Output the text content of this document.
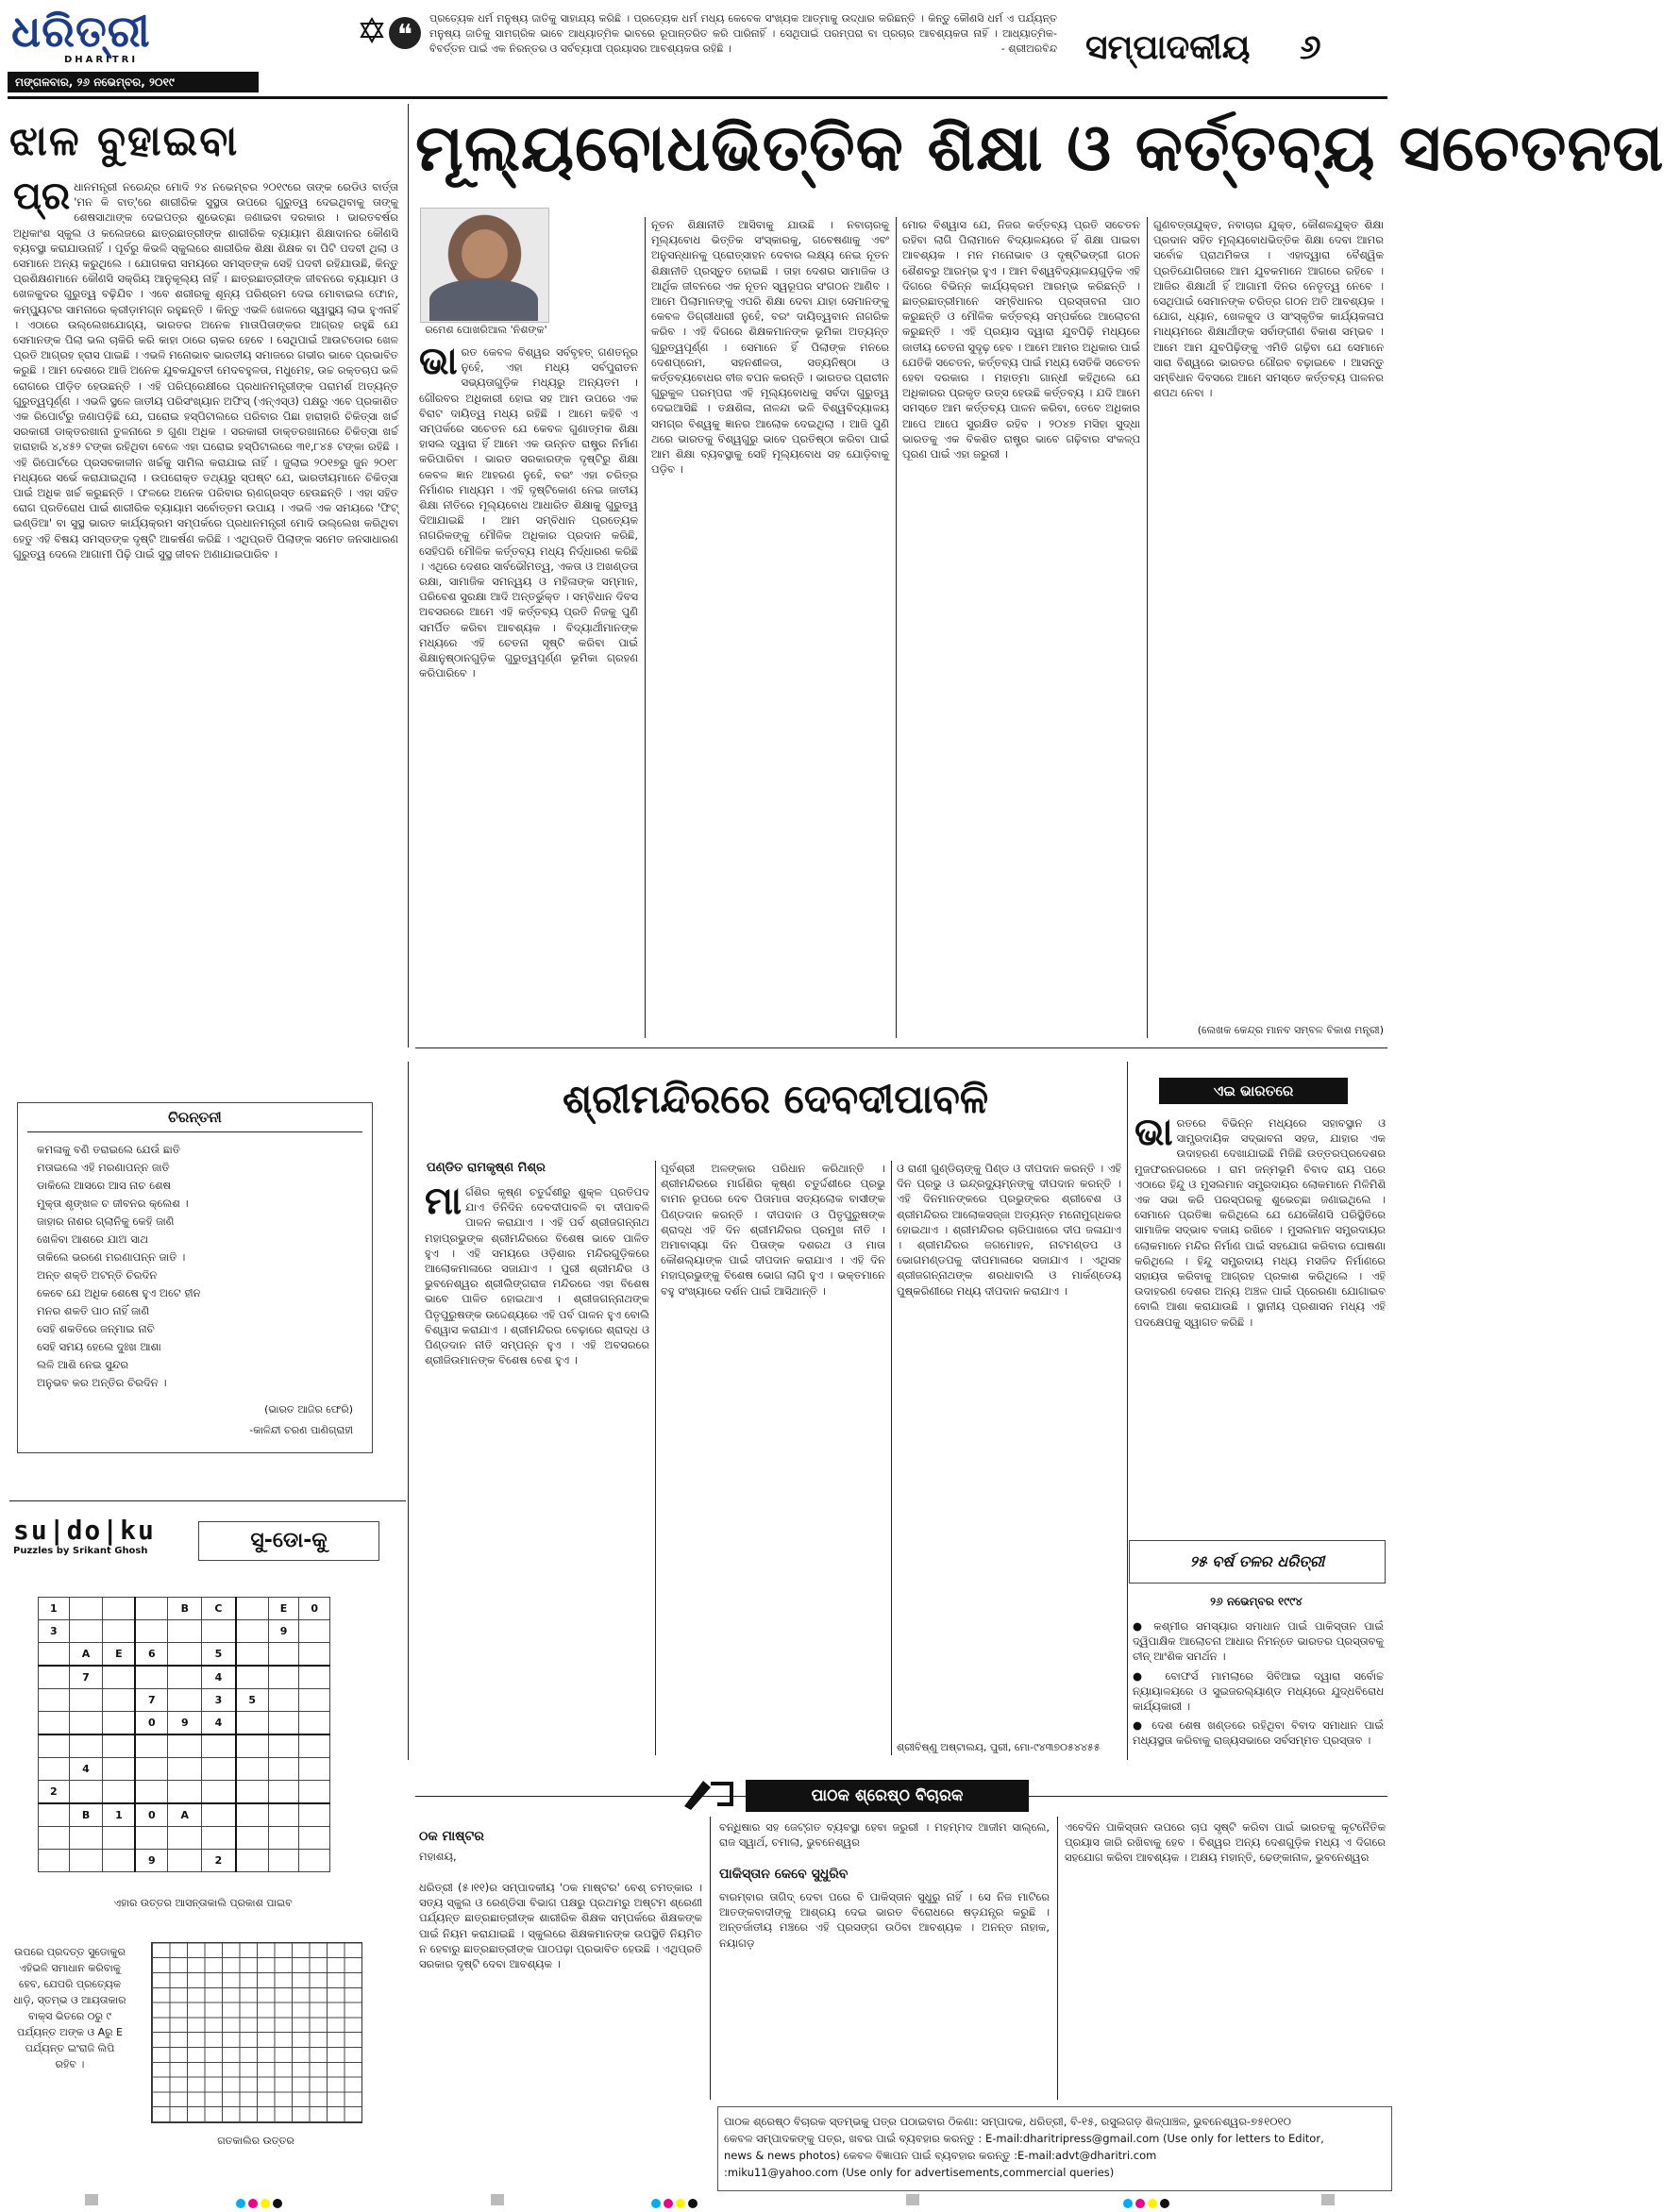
ଧରିତ୍ରୀ
DHARITRI
ମଙ୍ଗଳବାର, ୨୬ ନଭେମ୍ବର, ୨୦୧୯
❝
ପ୍ରତ୍ୟେକ ଧର୍ମ ମନୁଷ୍ୟ ଜାତିକୁ ସାହାଯ୍ୟ କରିଛି । ପ୍ରତ୍ୟେକ ଧର୍ମ ମଧ୍ୟ କେବେକ ସଂଖ୍ୟକ ଆତ୍ମାକୁ ଉଦ୍ଧାର କରିଛନ୍ତି । କିନ୍ତୁ କୌଣସି ଧର୍ମ ଏ ପର୍ଯ୍ୟନ୍ତ ମନୁଷ୍ୟ ଜାତିକୁ ସାମଗ୍ରିକ ଭାବେ ଆଧ୍ୟାତ୍ମିକ ଭାବରେ ରୂପାନ୍ତରିତ କରି ପାରିନାହିଁ । ସେଥିପାଇଁ ପରମ୍ପରା ବା ପ୍ରଚାର ଆବଶ୍ୟକତା ନାହିଁ । ଆଧ୍ୟାତ୍ମିକ-ବିବର୍ତ୍ତନ ପାଇଁ ଏକ ନିରନ୍ତର ଓ ସର୍ବବ୍ୟାପୀ ପ୍ରୟାସର ଆବଶ୍ୟକତା ରହିଛି ।	- ଶ୍ରୀଅରବିନ୍ଦ ସମ୍ପାଦକୀୟ ୬
ଝାଳ ବୁହାଇବା
ପ୍ର ଧାନମନ୍ତ୍ରୀ ନରେନ୍ଦ୍ର ମୋଦି ୨୪ ନଭେମ୍ବର ୨୦୧୯ରେ ତାଙ୍କ ରେଡିଓ ବାର୍ତ୍ତା 'ମନ କି ବାତ୍'ରେ ଶାରୀରିକ ସୁସ୍ଥତା ଉପରେ ଗୁରୁତ୍ୱ ଦେଇଥିବାକୁ ତାଙ୍କୁ ଶେଷସାଥାଙ୍କ ଦେଇପତ୍ର ଶୁଭେଚ୍ଛା ଜଣାଇବା ଦରକାର । ଭାରତବର୍ଷର ଅଧିକାଂଶ ସ୍କୁଲ ଓ କଲେଜରେ ଛାତ୍ରଛାତ୍ରୀଙ୍କ ଶାରୀରିକ ବ୍ୟାୟାମ ଶିକ୍ଷାଦାନର କୌଣସି ବ୍ୟବସ୍ଥା କରାଯାଉନାହିଁ । ପୂର୍ବରୁ କିଭଳି ସ୍କୁଲରେ ଶାରୀରିକ ଶିକ୍ଷା ଶିକ୍ଷକ ବା ପିଟି ପଦବୀ ଥିଲା ଓ ସେମାନେ ଅନ୍ୟ କରୁଥିଲେ । ଯୋଗକରା ସମୟରେ ସମସ୍ତଙ୍କ ସେହି ପଦବୀ ରହିଯାଉଛି, କିନ୍ତୁ ପ୍ରଶିକ୍ଷଣମାନେ କୌଣସି ସକ୍ରିୟ ଆନୁକୂଲ୍ୟ ନାହିଁ । ଛାତ୍ରଛାତ୍ରୀଙ୍କ ଜୀବନରେ ବ୍ୟାୟାମ ଓ ଖେଳକୁଦର ଗୁରୁତ୍ୱ ବଢ଼ିଯିବ । ଏବେ ଶରୀରକୁ ଶୂନ୍ୟ ପରିଶ୍ରମ ଦେଇ ମୋବାଇଲ ଫୋନ, କମ୍ପ୍ୟୁଟର ସାମନାରେ କ୍ରୀଡ଼ାମଗ୍ନ ରହୁଛନ୍ତି । କିନ୍ତୁ ଏଭଳି ଖେଳରେ ସ୍ୱାସ୍ଥ୍ୟ ଲାଭ ହୁଏନାହିଁ । ଏଠାରେ ଉଲ୍ଲେଖଯୋଗ୍ୟ, ଭାରତର ଅନେକ ମାତାପିତାଙ୍କର ଆଗ୍ରହ ରହୁଛି ଯେ ସେମାନଙ୍କ ପିଲା ଭଲ ଚାକିରି କରି କାହା ଠାରେ ଚାକର ହେବେ । ସେଥିପାଇଁ ଆଉଟଡୋର ଖେଳ ପ୍ରତି ଆଗ୍ରହ ହ୍ରାସ ପାଇଛି । ଏଭଳି ମନୋଭାବ ଭାରତୀୟ ସମାଜରେ ଗଭୀର ଭାବେ ପ୍ରଭାବିତ କରୁଛି । ଆମ ଦେଶରେ ଆଜି ଅନେକ ଯୁବକଯୁବତୀ ମେଦବହୁଳତା, ମଧୁମେହ, ଉଚ୍ଚ ରକ୍ତଚାପ ଭଳି ରୋଗରେ ପୀଡ଼ିତ ହେଉଛନ୍ତି । ଏହି ପରିପ୍ରେକ୍ଷୀରେ ପ୍ରଧାନମନ୍ତ୍ରୀଙ୍କ ପରାମର୍ଶ ଅତ୍ୟନ୍ତ ଗୁରୁତ୍ୱପୂର୍ଣ୍ଣ । ଏଭଳି ସ୍ଥଳେ ଜାତୀୟ ପରିସଂଖ୍ୟାନ ଅଫିସ୍ (ଏନ୍‌ଏସ୍‌ଓ) ପକ୍ଷରୁ ଏବେ ପ୍ରକାଶିତ ଏକ ରିପୋର୍ଟରୁ ଜଣାପଡ଼ିଛି ଯେ, ଘରୋଇ ହସ୍ପିଟାଲରେ ପରିବାର ପିଛା ହାରାହାରି ଚିକିତ୍ସା ଖର୍ଚ୍ଚ ସରକାରୀ ଡାକ୍ତରଖାନା ତୁଳନାରେ ୭ ଗୁଣା ଅଧିକ । ସରକାରୀ ଡାକ୍ତରଖାନାରେ ଚିକିତ୍ସା ଖର୍ଚ୍ଚ ହାରାହାରି ୪,୪୫୨ ଟଙ୍କା ରହିଥିବା ବେଳେ ଏହା ଘରୋଇ ହସ୍ପିଟାଲରେ ୩୧,୮୪୫ ଟଙ୍କା ରହିଛି । ଏହି ରିପୋର୍ଟରେ ପ୍ରସବକାଳୀନ ଖର୍ଚ୍ଚକୁ ସାମିଲ କରାଯାଇ ନାହିଁ । ଜୁଲାଇ ୨୦୧୭ରୁ ଜୁନ ୨୦୧୮ ମଧ୍ୟରେ ସର୍ଭେ କରାଯାଇଥିଲା । ଉପରୋକ୍ତ ତଥ୍ୟରୁ ସ୍ପଷ୍ଟ ଯେ, ଭାରତୀୟମାନେ ଚିକିତ୍ସା ପାଇଁ ଅଧିକ ଖର୍ଚ୍ଚ କରୁଛନ୍ତି । ଫଳରେ ଅନେକ ପରିବାର ଋଣଗ୍ରସ୍ତ ହେଉଛନ୍ତି । ଏହା ସହିତ ରୋଗ ପ୍ରତିରୋଧ ପାଇଁ ଶାରୀରିକ ବ୍ୟାୟାମ ସର୍ବୋତ୍ତମ ଉପାୟ । ଏଭଳି ଏକ ସମୟରେ 'ଫିଟ୍ ଇଣ୍ଡିଆ' ବା ସୁସ୍ଥ ଭାରତ କାର୍ଯ୍ୟକ୍ରମ ସମ୍ପର୍କରେ ପ୍ରଧାନମନ୍ତ୍ରୀ ମୋଦି ଉଲ୍ଲେଖ କରିଥିବା ହେତୁ ଏହି ବିଷୟ ସମସ୍ତଙ୍କ ଦୃଷ୍ଟି ଆକର୍ଷଣ କରିଛି । ଏଥିପ୍ରତି ପିଲାଙ୍କ ସମେତ ଜନସାଧାରଣ ଗୁରୁତ୍ୱ ଦେଲେ ଆଗାମୀ ପିଢ଼ି ପାଇଁ ସୁସ୍ଥ ଜୀବନ ଅଣାଯାଇପାରିବ ।
ମୂଲ୍ୟବୋଧଭିତ୍ତିକ ଶିକ୍ଷା ଓ କର୍ତ୍ତବ୍ୟ ସଚେତନତା
ରମେଶ ପୋଖରିଆଲ 'ନିଶଙ୍କ'
ଭା ରତ କେବଳ ବିଶ୍ୱର ସର୍ବବୃହତ୍ ଗଣତନ୍ତ୍ର ନୁହେଁ, ଏହା ମଧ୍ୟ ସର୍ବପୁରାତନ ସଭ୍ୟତାଗୁଡ଼ିକ ମଧ୍ୟରୁ ଅନ୍ୟତମ । ଗୌରବର ଅଧିକାରୀ ହୋଇ ସହ ଆମ ଉପରେ ଏକ ବିରାଟ ଦାୟିତ୍ୱ ମଧ୍ୟ ରହିଛି । ଆମେ କହିବି ଏ ସମ୍ପର୍କରେ ସଚେତନ ଯେ କେବଳ ଗୁଣାତ୍ମକ ଶିକ୍ଷା ହାସଲ ଦ୍ୱାରା ହିଁ ଆମେ ଏକ ଉନ୍ନତ ରାଷ୍ଟ୍ର ନିର୍ମାଣ କରିପାରିବା । ଭାରତ ସରକାରଙ୍କ ଦୃଷ୍ଟିରୁ ଶିକ୍ଷା କେବଳ ଜ୍ଞାନ ଆହରଣ ନୁହେଁ, ବରଂ ଏହା ଚରିତ୍ର ନିର୍ମାଣର ମାଧ୍ୟମ । ଏହି ଦୃଷ୍ଟିକୋଣ ନେଇ ଜାତୀୟ ଶିକ୍ଷା ନୀତିରେ ମୂଲ୍ୟବୋଧ ଆଧାରିତ ଶିକ୍ଷାକୁ ଗୁରୁତ୍ୱ ଦିଆଯାଇଛି । ଆମ ସମ୍ବିଧାନ ପ୍ରତ୍ୟେକ ନାଗରିକଙ୍କୁ ମୌଳିକ ଅଧିକାର ପ୍ରଦାନ କରିଛି, ସେହିପରି ମୌଳିକ କର୍ତ୍ତବ୍ୟ ମଧ୍ୟ ନିର୍ଦ୍ଧାରଣ କରିଛି । ଏଥିରେ ଦେଶର ସାର୍ବଭୌମତ୍ୱ, ଏକତା ଓ ଅଖଣ୍ଡତା ରକ୍ଷା, ସାମାଜିକ ସମନ୍ୱୟ ଓ ମହିଳାଙ୍କ ସମ୍ମାନ, ପରିବେଶ ସୁରକ୍ଷା ଆଦି ଅନ୍ତର୍ଭୁକ୍ତ । ସମ୍ବିଧାନ ଦିବସ ଅବସରରେ ଆମେ ଏହି କର୍ତ୍ତବ୍ୟ ପ୍ରତି ନିଜକୁ ପୁଣି ସମର୍ପିତ କରିବା ଆବଶ୍ୟକ । ବିଦ୍ୟାର୍ଥୀମାନଙ୍କ ମଧ୍ୟରେ ଏହି ଚେତନା ସୃଷ୍ଟି କରିବା ପାଇଁ ଶିକ୍ଷାନୁଷ୍ଠାନଗୁଡ଼ିକ ଗୁରୁତ୍ୱପୂର୍ଣ୍ଣ ଭୂମିକା ଗ୍ରହଣ କରିପାରିବେ ।
ନୂତନ ଶିକ୍ଷାନୀତି ଆସିବାକୁ ଯାଉଛି । ନବାଚାରକୁ ମୂଲ୍ୟବୋଧ ଭିତ୍ତିକ ସଂସ୍କାରକୁ, ଗବେଷଣାକୁ ଏବଂ ଅନୁସନ୍ଧାନକୁ ପ୍ରୋତ୍ସାହନ ଦେବାର ଲକ୍ଷ୍ୟ ନେଇ ନୂତନ ଶିକ୍ଷାନୀତି ପ୍ରସ୍ତୁତ ହୋଇଛି । ତାହା ଦେଶର ସାମାଜିକ ଓ ଆର୍ଥିକ ଜୀବନରେ ଏକ ନୂତନ ସ୍ୱରୂପର ସଂଗଠନ ଆଣିବ । ଆମେ ପିଲାମାନଙ୍କୁ ଏପରି ଶିକ୍ଷା ଦେବା ଯାହା ସେମାନଙ୍କୁ କେବଳ ଡିଗ୍ରୀଧାରୀ ନୁହେଁ, ବରଂ ଦାୟିତ୍ୱବାନ ନାଗରିକ କରିବ । ଏହି ଦିଗରେ ଶିକ୍ଷକମାନଙ୍କ ଭୂମିକା ଅତ୍ୟନ୍ତ ଗୁରୁତ୍ୱପୂର୍ଣ୍ଣ । ସେମାନେ ହିଁ ପିଲାଙ୍କ ମନରେ ଦେଶପ୍ରେମ, ସହନଶୀଳତା, ସତ୍ୟନିଷ୍ଠା ଓ କର୍ତ୍ତବ୍ୟବୋଧର ବୀଜ ବପନ କରନ୍ତି । ଭାରତର ପ୍ରାଚୀନ ଗୁରୁକୁଳ ପରମ୍ପରା ଏହି ମୂଲ୍ୟବୋଧକୁ ସର୍ବଦା ଗୁରୁତ୍ୱ ଦେଇଆସିଛି । ତକ୍ଷଶିଳା, ନାଳନ୍ଦା ଭଳି ବିଶ୍ୱବିଦ୍ୟାଳୟ ସମଗ୍ର ବିଶ୍ୱକୁ ଜ୍ଞାନର ଆଲୋକ ଦେଇଥିଲା । ଆଜି ପୁଣି ଥରେ ଭାରତକୁ ବିଶ୍ୱଗୁରୁ ଭାବେ ପ୍ରତିଷ୍ଠା କରିବା ପାଇଁ ଆମ ଶିକ୍ଷା ବ୍ୟବସ୍ଥାକୁ ସେହି ମୂଲ୍ୟବୋଧ ସହ ଯୋଡ଼ିବାକୁ ପଡ଼ିବ ।
ମୋର ବିଶ୍ୱାସ ଯେ, ନିଜର କର୍ତ୍ତବ୍ୟ ପ୍ରତି ସଚେତନ ରହିବା ଲାଗି ପିଲାମାନେ ବିଦ୍ୟାଳୟରେ ହିଁ ଶିକ୍ଷା ପାଇବା ଆବଶ୍ୟକ । ମନ ମନୋଭାବ ଓ ଦୃଷ୍ଟିଭଙ୍ଗୀ ଗଠନ ଶୈଶବରୁ ଆରମ୍ଭ ହୁଏ । ଆମ ବିଶ୍ୱବିଦ୍ୟାଳୟଗୁଡ଼ିକ ଏହି ଦିଗରେ ବିଭିନ୍ନ କାର୍ଯ୍ୟକ୍ରମ ଆରମ୍ଭ କରିଛନ୍ତି । ଛାତ୍ରଛାତ୍ରୀମାନେ ସମ୍ବିଧାନର ପ୍ରସ୍ତାବନା ପାଠ କରୁଛନ୍ତି ଓ ମୌଳିକ କର୍ତ୍ତବ୍ୟ ସମ୍ପର୍କରେ ଆଲୋଚନା କରୁଛନ୍ତି । ଏହି ପ୍ରୟାସ ଦ୍ୱାରା ଯୁବପିଢ଼ି ମଧ୍ୟରେ ଜାତୀୟ ଚେତନା ସୁଦୃଢ଼ ହେବ । ଆମେ ଆମର ଅଧିକାର ପାଇଁ ଯେତିକି ସଚେତନ, କର୍ତ୍ତବ୍ୟ ପାଇଁ ମଧ୍ୟ ସେତିକି ସଚେତନ ହେବା ଦରକାର । ମହାତ୍ମା ଗାନ୍ଧୀ କହିଥିଲେ ଯେ ଅଧିକାରର ପ୍ରକୃତ ଉତ୍ସ ହେଉଛି କର୍ତ୍ତବ୍ୟ । ଯଦି ଆମେ ସମସ୍ତେ ଆମ କର୍ତ୍ତବ୍ୟ ପାଳନ କରିବା, ତେବେ ଅଧିକାର ଆପେ ଆପେ ସୁରକ୍ଷିତ ରହିବ । ୨୦୪୭ ମସିହା ସୁଦ୍ଧା ଭାରତକୁ ଏକ ବିକଶିତ ରାଷ୍ଟ୍ର ଭାବେ ଗଢ଼ିବାର ସଂକଳ୍ପ ପୂରଣ ପାଇଁ ଏହା ଜରୁରୀ ।
ଗୁଣବତ୍ତାଯୁକ୍ତ, ନବାଚାର ଯୁକ୍ତ, କୌଶଳଯୁକ୍ତ ଶିକ୍ଷା ପ୍ରଦାନ ସହିତ ମୂଲ୍ୟବୋଧଭିତ୍ତିକ ଶିକ୍ଷା ଦେବା ଆମର ସର୍ବୋଚ୍ଚ ପ୍ରାଥମିକତା । ଏହାଦ୍ୱାରା ବୈଶ୍ୱିକ ପ୍ରତିଯୋଗିତାରେ ଆମ ଯୁବକମାନେ ଆଗରେ ରହିବେ । ଆଜିର ଶିକ୍ଷାର୍ଥୀ ହିଁ ଆଗାମୀ ଦିନର ନେତୃତ୍ୱ ନେବେ । ସେଥିପାଇଁ ସେମାନଙ୍କ ଚରିତ୍ର ଗଠନ ଅତି ଆବଶ୍ୟକ । ଯୋଗ, ଧ୍ୟାନ, ଖେଳକୁଦ ଓ ସାଂସ୍କୃତିକ କାର୍ଯ୍ୟକଳାପ ମାଧ୍ୟମରେ ଶିକ୍ଷାର୍ଥୀଙ୍କ ସର୍ବାଙ୍ଗୀଣ ବିକାଶ ସମ୍ଭବ । ଆମେ ଆମ ଯୁବପିଢ଼ିଙ୍କୁ ଏମିତି ଗଢ଼ିବା ଯେ ସେମାନେ ସାରା ବିଶ୍ୱରେ ଭାରତର ଗୌରବ ବଢ଼ାଇବେ । ଆସନ୍ତୁ ସମ୍ବିଧାନ ଦିବସରେ ଆମେ ସମସ୍ତେ କର୍ତ୍ତବ୍ୟ ପାଳନର ଶପଥ ନେବା ।
(ଲେଖକ କେନ୍ଦ୍ର ମାନବ ସମ୍ବଳ ବିକାଶ ମନ୍ତ୍ରୀ)
ଚିରନ୍ତନୀ
କମଳାକୁ ବଣି ତରାଇଲେ ଯେଉଁ ଛାତି
ମତାଇଲେ ଏହି ମରଣାପନ୍ନ ଜାତି
ଡାକିଲେ ଆସରେ ଆସ ନାଚ ଶେଷ
ମୁକ୍ତା ଶୃଙ୍ଖଳ ଚ ଜୀବନର କ୍ଲେଶ ।
ଜାହାର ନାଶର ଗ୍ଲାନିକୁ କେହି ଜାଣି
ଖେଳିବା ଆଶରେ ଯାଅ ସାଥ
ତାକିଲେ ଭରଣେ ମରଣାପନ୍ନ ଜାତି ।
ଅନ୍ତ ଶକ୍ତି ଅଟନ୍ତି ଚିରଦିନ
କେବେ ଯେ ଅଧିକ ଶେଷେ ହୁଏ ଅଟେ ହୀନ
ମନର ଶକତି ପାଠ ନାହିଁ ଜାଣି
ସେହି ଶକତିରେ ଜନ୍ମାଇ ନାଚି
ସେହି ସମୟ ହେଲେ ଦୁଃଖ ଆଶା
ଲଳି ଆଶି ନେଇ ସୁନ୍ଦର
ଅନୁଭବ କର ଅନ୍ତିର ଚିରଦିନ ।
(ଭାରତ ଆଜିର ଫେରି)
-କାଳିନ୍ଦୀ ଚରଣ ପାଣିଗ୍ରାହୀ
su|do|ku
Puzzles by Srikant Ghosh	ସୁ-ଡୋ-କୁ
1				B	C		E	0
3							9	
	A	E	6		5			
	7				4			
			7		3	5		
			0	9	4			

	4							
2								
	B	1	0	A				

			9		2			
ଏହାର ଉତ୍ତର ଆସନ୍ତାକାଲି ପ୍ରକାଶ ପାଇବ
ଉପରେ ପ୍ରଦତ୍ତ ସୁଡୋକୁର ଏହିଭଳି ସମାଧାନ କରିବାକୁ ହେବ, ଯେପରି ପ୍ରତ୍ୟେକ ଧାଡ଼ି, ସ୍ତମ୍ଭ ଓ ଆୟତାକାର ବାକ୍ସ ଭିତରେ ୦ରୁ ୯ ପର୍ଯ୍ୟନ୍ତ ଅଙ୍କ ଓ Aରୁ E ପର୍ଯ୍ୟନ୍ତ ଇଂରାଜି ଲିପି ରହିବ ।
ଗତକାଲିର ଉତ୍ତର
ଶ୍ରୀମନ୍ଦିରରେ ଦେବଦୀପାବଳି
ପଣ୍ଡିତ ରାମକୃଷ୍ଣ ମିଶ୍ର
ମା ର୍ଗଶିର କୃଷ୍ଣ ଚତୁର୍ଦ୍ଦଶୀରୁ ଶୁକ୍ଳ ପ୍ରତିପଦ ଯାଏ ତିନିଦିନ ଦେବଦୀପାବଳି ବା ଦୀପାବଳି ପାଳନ କରାଯାଏ । ଏହି ପର୍ବ ଶ୍ରୀଜଗନ୍ନାଥ ମହାପ୍ରଭୁଙ୍କ ଶ୍ରୀମନ୍ଦିରରେ ବିଶେଷ ଭାବେ ପାଳିତ ହୁଏ । ଏହି ସମୟରେ ଓଡ଼ିଶାର ମନ୍ଦିରଗୁଡ଼ିକରେ ଆଲୋକମାଳାରେ ସଜାଯାଏ । ପୁରୀ ଶ୍ରୀମନ୍ଦିର ଓ ଭୁବନେଶ୍ୱର ଶ୍ରୀଲିଙ୍ଗରାଜ ମନ୍ଦିରରେ ଏହା ବିଶେଷ ଭାବେ ପାଳିତ ହୋଇଥାଏ । ଶ୍ରୀଜଗନ୍ନାଥଙ୍କ ପିତୃପୁରୁଷଙ୍କ ଉଦ୍ଦେଶ୍ୟରେ ଏହି ପର୍ବ ପାଳନ ହୁଏ ବୋଲି ବିଶ୍ୱାସ କରାଯାଏ । ଶ୍ରୀମନ୍ଦିରର ବେଢ଼ାରେ ଶ୍ରାଦ୍ଧ ଓ ପିଣ୍ଡଦାନ ନୀତି ସମ୍ପନ୍ନ ହୁଏ । ଏହି ଅବସରରେ ଶ୍ରୀଜିଉମାନଙ୍କ ବିଶେଷ ବେଶ ହୁଏ ।
ପୂର୍ବଶ୍ରୀ ଅଳଙ୍କାର ପରିଧାନ କରିଥାନ୍ତି । ଶ୍ରୀମନ୍ଦିରରେ ମାର୍ଗଶିର କୃଷ୍ଣ ଚତୁର୍ଦ୍ଦଶୀରେ ପ୍ରଭୁ ବାମନ ରୂପରେ ଦେବ ପିତାମାତା ସତ୍ୟଲୋକ ବାସୀଙ୍କ ପିଣ୍ଡଦାନ କରନ୍ତି । ଦୀପଦାନ ଓ ପିତୃପୁରୁଷଙ୍କ ଶ୍ରାଦ୍ଧ ଏହି ଦିନ ଶ୍ରୀମନ୍ଦିରର ପ୍ରମୁଖ ନୀତି । ଅମାବାସ୍ୟା ଦିନ ପିତାଙ୍କ ଦଶରଥ ଓ ମାତା କୌଶଲ୍ୟାଙ୍କ ପାଇଁ ଦୀପଦାନ କରାଯାଏ । ଏହି ଦିନ ମହାପ୍ରଭୁଙ୍କୁ ବିଶେଷ ଭୋଗ ଲାଗି ହୁଏ । ଭକ୍ତମାନେ ବହୁ ସଂଖ୍ୟାରେ ଦର୍ଶନ ପାଇଁ ଆସିଥାନ୍ତି ।
ଓ ରାଣୀ ଗୁଣ୍ଡିଚାଙ୍କୁ ପିଣ୍ଡ ଓ ଦୀପଦାନ କରନ୍ତି । ଏହି ଦିନ ପ୍ରଭୁ ଓ ଇନ୍ଦ୍ରଦ୍ୟୁମ୍ନଙ୍କୁ ଦୀପଦାନ କରନ୍ତି । ଏହି ଦିନମାନଙ୍କରେ ପ୍ରଭୁଙ୍କର ଶ୍ରୀବେଶ ଓ ଶ୍ରୀମନ୍ଦିରର ଆଲୋକସଜ୍ଜା ଅତ୍ୟନ୍ତ ମନୋମୁଗ୍ଧକର ହୋଇଥାଏ । ଶ୍ରୀମନ୍ଦିରର ଚାରିପାଖରେ ଦୀପ ଜଳାଯାଏ । ଶ୍ରୀମନ୍ଦିରର ଜଗମୋହନ, ନାଟମଣ୍ଡପ ଓ ଭୋଗମଣ୍ଡପକୁ ଦୀପମାଳାରେ ସଜାଯାଏ । ଏଥିସହ ଶ୍ରୀଜଗନ୍ନାଥଙ୍କ ଶରଧାବାଲି ଓ ମାର୍କଣ୍ଡେୟ ପୁଷ୍କରିଣୀରେ ମଧ୍ୟ ଦୀପଦାନ କରାଯାଏ ।
ଶ୍ରୀବିଷ୍ଣୁ ଅଷ୍ଟାଲୟ, ପୁରୀ, ମୋ-୯୪୩୭୦୫୪୪୫୫
ଏଇ ଭାରତରେ
ଭା ରତରେ ବିଭିନ୍ନ ମଧ୍ୟରେ ସହାବସ୍ଥାନ ଓ ସାମ୍ପ୍ରଦାୟିକ ସଦ୍ଭାବନା ସହଜ, ଯାହାର ଏକ ଉଦାହରଣ ଦେଖାଯାଇଛି ମିଜିଛି ଉତ୍ତରପ୍ରଦେଶର ମୁଜଫରନଗରରେ । ରାମ ଜନ୍ମଭୂମି ବିବାଦ ରାୟ ପରେ ଏଠାରେ ହିନ୍ଦୁ ଓ ମୁସଲମାନ ସମ୍ପ୍ରଦାୟର ଲୋକମାନେ ମିଳିମିଶି ଏକ ସଭା କରି ପରସ୍ପରକୁ ଶୁଭେଚ୍ଛା ଜଣାଇଥିଲେ । ସେମାନେ ପ୍ରତିଜ୍ଞା କରିଥିଲେ ଯେ ଯେକୌଣସି ପରିସ୍ଥିତିରେ ସାମାଜିକ ସଦ୍ଭାବ ବଜାୟ ରଖିବେ । ମୁସଲମାନ ସମ୍ପ୍ରଦାୟର ଲୋକମାନେ ମନ୍ଦିର ନିର୍ମାଣ ପାଇଁ ସହଯୋଗ କରିବାର ଘୋଷଣା କରିଥିଲେ । ହିନ୍ଦୁ ସମ୍ପ୍ରଦାୟ ମଧ୍ୟ ମସଜିଦ ନିର୍ମାଣରେ ସହାୟତା କରିବାକୁ ଆଗ୍ରହ ପ୍ରକାଶ କରିଥିଲେ । ଏହି ଉଦାହରଣ ଦେଶର ଅନ୍ୟ ଅଞ୍ଚଳ ପାଇଁ ପ୍ରେରଣା ଯୋଗାଇବ ବୋଲି ଆଶା କରାଯାଉଛି । ସ୍ଥାନୀୟ ପ୍ରଶାସନ ମଧ୍ୟ ଏହି ପଦକ୍ଷେପକୁ ସ୍ୱାଗତ କରିଛି ।
୨୫ ବର୍ଷ ତଳର ଧରିତ୍ରୀ
୨୬ ନଭେମ୍ବର ୧୯୯୪
● କଶ୍ମୀର ସମସ୍ୟାର ସମାଧାନ ପାଇଁ ପାକିସ୍ତାନ ପାଇଁ ଦ୍ୱିପାକ୍ଷିକ ଆଲୋଚନା ଆଧାର ନିମନ୍ତେ ଭାରତର ପ୍ରସ୍ତାବକୁ ଚୀନ୍ ଆଂଶିକ ସମର୍ଥନ ।
● ବୋଫର୍ସ ମାମଲାରେ ସିବିଆଇ ଦ୍ୱାରା ସର୍ବୋଚ୍ଚ ନ୍ୟାୟାଳୟରେ ଓ ସୁଇଜରଲ୍ୟାଣ୍ଡ ମଧ୍ୟରେ ଯୁଦ୍ଧବିରୋଧ କାର୍ଯ୍ୟକାରୀ ।
● ଦେଶ ଶେଷ ଖଣ୍ଡରେ ରହିଥିବା ବିବାଦ ସମାଧାନ ପାଇଁ ମଧ୍ୟସ୍ଥତା କରିବାକୁ ରାଜ୍ୟସଭାରେ ସର୍ବସମ୍ମତ ପ୍ରସ୍ତାବ ।
ପାଠକ ଶ୍ରେଷ୍ଠ ବିଚାରକ
ଠକ ମାଷ୍ଟର
ମହାଶୟ,
ଧରିତ୍ରୀ (୫।୧୧)ର ସମ୍ପାଦକୀୟ 'ଠକ ମାଷ୍ଟର' ବେଶ୍ ଚମତ୍କାର । ସତ୍ୟ ସ୍କୁଲ ଓ ରେଣ୍ଡିସା ବିଭାଗ ପକ୍ଷରୁ ପ୍ରଥମରୁ ଅଷ୍ଟମ ଶ୍ରେଣୀ ପର୍ଯ୍ୟନ୍ତ ଛାତ୍ରଛାତ୍ରୀଙ୍କ ଶାରୀରିକ ଶିକ୍ଷକ ସମ୍ପର୍କରେ ଶିକ୍ଷକଙ୍କ ପାଇଁ ନିୟମ କରାଯାଇଛି । ସ୍କୁଲରେ ଶିକ୍ଷକମାନଙ୍କ ଉପସ୍ଥିତି ନିୟମିତ ନ ହେବାରୁ ଛାତ୍ରଛାତ୍ରୀଙ୍କ ପାଠପଢ଼ା ପ୍ରଭାବିତ ହେଉଛି । ଏଥିପ୍ରତି ସରକାର ଦୃଷ୍ଟି ଦେବା ଆବଶ୍ୟକ ।
ବନ୍ଧିଷାର ସହ ଜେଟ୍‌ଗତ ବ୍ୟବସ୍ଥା ହେବା ଜରୁରୀ । ମହମ୍ମଦ ଆଜୀମ ସାଲ୍ଲେ, ରାଜ ସ୍ୱାର୍ଥ, ଚମାଲା, ଭୁବନେଶ୍ୱର
ପାକିସ୍ତାନ କେବେ ସୁଧୁରିବ
ବାରମ୍ବାର ତାଗିଦ୍ ଦେବା ପରେ ବି ପାକିସ୍ତାନ ସୁଧୁରୁ ନାହିଁ । ସେ ନିଜ ମାଟିରେ ଆତଙ୍କବାଦୀଙ୍କୁ ଆଶ୍ରୟ ଦେଇ ଭାରତ ବିରୋଧରେ ଷଡ଼ଯନ୍ତ୍ର କରୁଛି । ଅନ୍ତର୍ଜାତୀୟ ମଞ୍ଚରେ ଏହି ପ୍ରସଙ୍ଗ ଉଠିବା ଆବଶ୍ୟକ । ଅନନ୍ତ ନାହାକ, ନୟାଗଡ଼
ଏବେଦିନ ପାକିସ୍ତାନ ଉପରେ ଚାପ ସୃଷ୍ଟି କରିବା ପାଇଁ ଭାରତକୁ କୂଟନୈତିକ ପ୍ରୟାସ ଜାରି ରଖିବାକୁ ହେବ । ବିଶ୍ୱର ଅନ୍ୟ ଦେଶଗୁଡ଼ିକ ମଧ୍ୟ ଏ ଦିଗରେ ସହଯୋଗ କରିବା ଆବଶ୍ୟକ । ଅକ୍ଷୟ ମହାନ୍ତି, ଢେଙ୍କାନାଳ, ଭୁବନେଶ୍ୱର
ପାଠକ ଶ୍ରେଷ୍ଠ ବିଚାରକ ସ୍ତମ୍ଭକୁ ପତ୍ର ପଠାଇବାର ଠିକଣା: ସମ୍ପାଦକ, ଧରିତ୍ରୀ, ବି-୧୫, ରସୁଲଗଡ଼ ଶିଳ୍ପାଞ୍ଚଳ, ଭୁବନେଶ୍ୱର-୭୫୧୦୧୦
କେବଳ ସମ୍ପାଦକଙ୍କୁ ପତ୍ର, ଖବର ପାଇଁ ବ୍ୟବହାର କରନ୍ତୁ : E-mail:dharitripress@gmail.com (Use only for letters to Editor,
news & news photos) କେବଳ ବିଜ୍ଞାପନ ପାଇଁ ବ୍ୟବହାର କରନ୍ତୁ :E-mail:advt@dharitri.com
:miku11@yahoo.com (Use only for advertisements,commercial queries)
